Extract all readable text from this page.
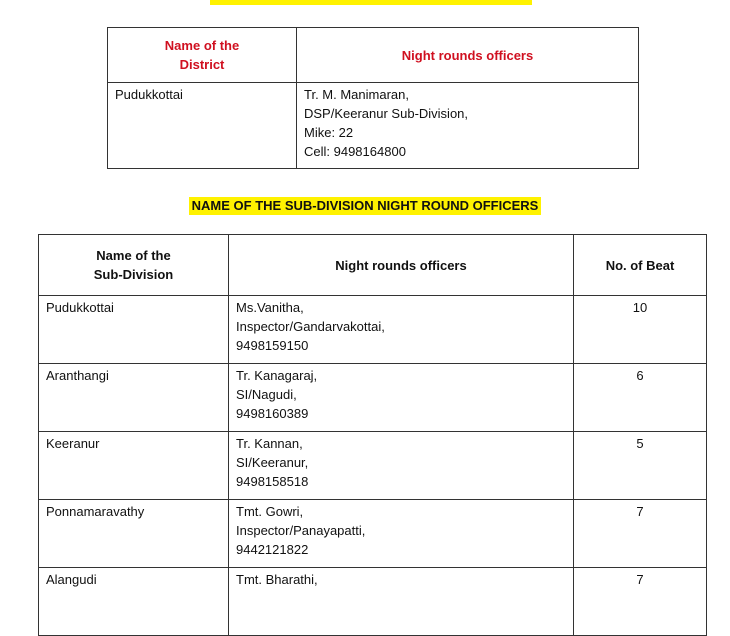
Name of the
District	Night rounds officers
Pudukkottai	Tr. M. Manimaran,
DSP/Keeranur Sub-Division,
Mike: 22
Cell: 9498164800
NAME OF THE SUB-DIVISION NIGHT ROUND OFFICERS
Name of the
Sub-Division	Night rounds officers	No. of Beat
Pudukkottai	Ms.Vanitha,
Inspector/Gandarvakottai,
9498159150	10
Aranthangi	Tr. Kanagaraj,
SI/Nagudi,
9498160389	6
Keeranur	Tr. Kannan,
SI/Keeranur,
9498158518	5
Ponnamaravathy	Tmt. Gowri,
Inspector/Panayapatti,
9442121822	7
Alangudi	Tmt. Bharathi,	7
